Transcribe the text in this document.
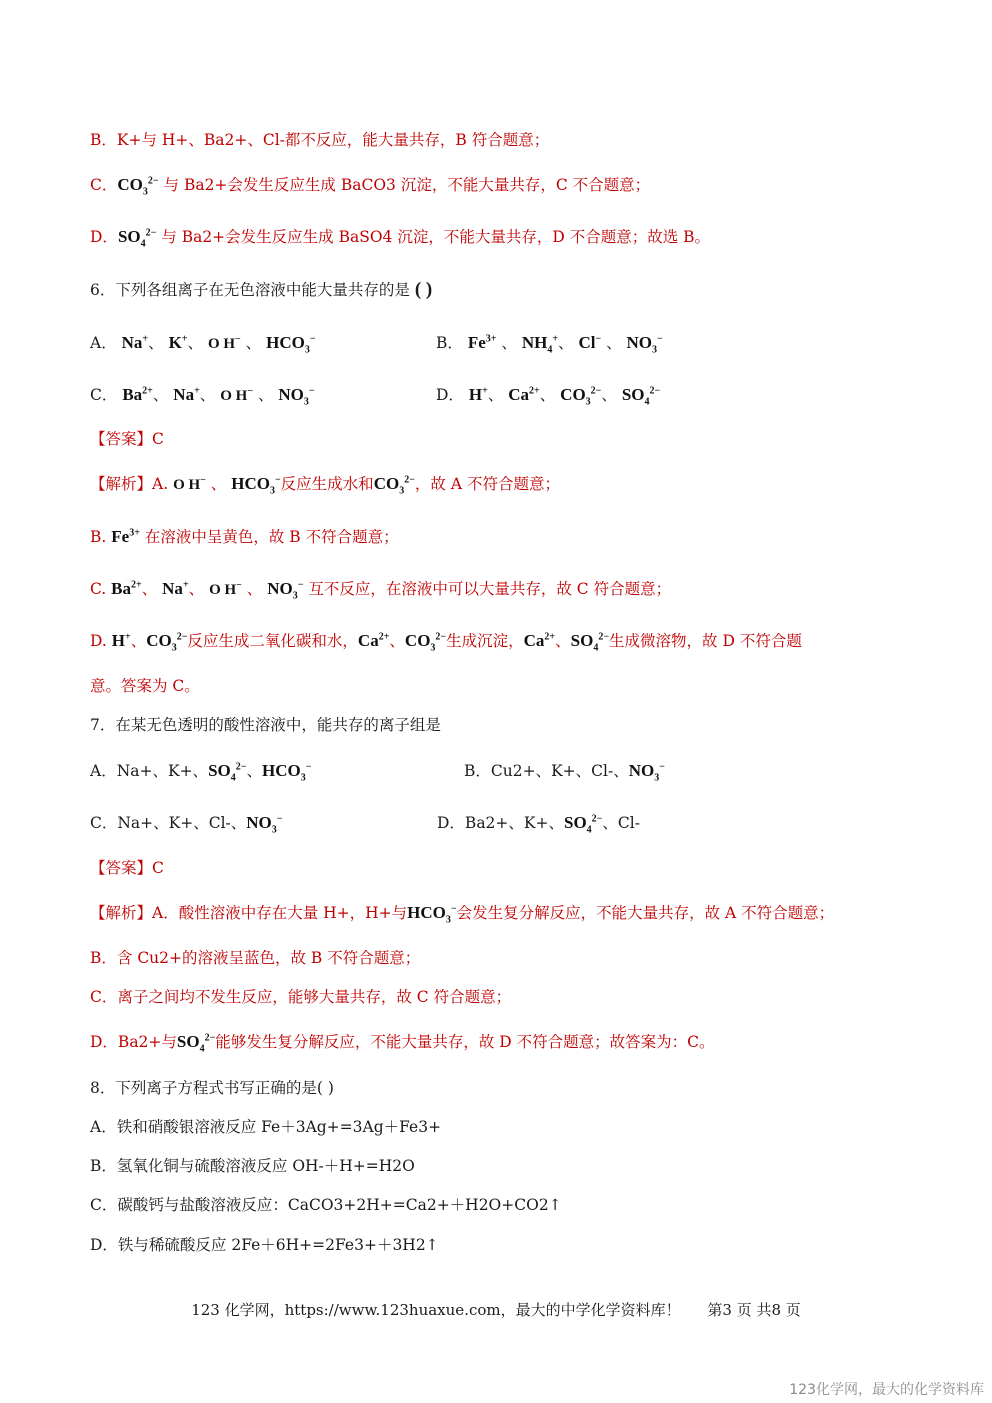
B．K+与 H+、Ba2+、Cl-都不反应，能大量共存，B 符合题意；
C．$CO_3^{2-}$ 与 Ba2+会发生反应生成 BaCO3 沉淀，不能大量共存，C 不合题意；
D．$SO_4^{2-}$ 与 Ba2+会发生反应生成 BaSO4 沉淀，不能大量共存，D 不合题意；故选 B。
6．下列各组离子在无色溶液中能大量共存的是 ( )
A． Na+、 K+、 O H− 、 $HCO_3^-$	B． $Fe^{3+}$ 、 $NH_4^+$、 Cl− 、 $NO_3^-$
C． $Ba^{2+}$、 Na+、 O H− 、 $NO_3^-$	D． H+、 $Ca^{2+}$、 $CO_3^{2-}$、 $SO_4^{2-}$
【答案】C
【解析】A. O H− 、 $HCO_3^-$反应生成水和$CO_3^{2-}$，故 A 不符合题意；
B. $Fe^{3+}$ 在溶液中呈黄色，故 B 不符合题意；
C. $Ba^{2+}$、 Na+、 O H− 、 $NO_3^-$ 互不反应，在溶液中可以大量共存，故 C 符合题意；
D. H+、$CO_3^{2-}$反应生成二氧化碳和水，$Ca^{2+}$、$CO_3^{2-}$生成沉淀，$Ca^{2+}$、$SO_4^{2-}$生成微溶物，故 D 不符合题
意。答案为 C。
7．在某无色透明的酸性溶液中，能共存的离子组是
A．Na+、K+、$SO_4^{2-}$、$HCO_3^-$	B．Cu2+、K+、Cl-、$NO_3^-$
C．Na+、K+、Cl-、$NO_3^-$	D．Ba2+、K+、$SO_4^{2-}$、Cl-
【答案】C
【解析】A．酸性溶液中存在大量 H+，H+与$HCO_3^-$会发生复分解反应，不能大量共存，故 A 不符合题意；
B．含 Cu2+的溶液呈蓝色，故 B 不符合题意；
C．离子之间均不发生反应，能够大量共存，故 C 符合题意；
D．Ba2+与$SO_4^{2-}$能够发生复分解反应，不能大量共存，故 D 不符合题意；故答案为：C。
8．下列离子方程式书写正确的是( )
A．铁和硝酸银溶液反应 Fe＋3Ag+=3Ag＋Fe3+
B．氢氧化铜与硫酸溶液反应 OH-＋H+=H2O
C．碳酸钙与盐酸溶液反应：CaCO3+2H+=Ca2+＋H2O+CO2↑
D．铁与稀硫酸反应 2Fe＋6H+=2Fe3+＋3H2↑
123 化学网，https://www.123huaxue.com，最大的中学化学资料库！ 第3 页 共8 页
123化学网，最大的化学资料库
